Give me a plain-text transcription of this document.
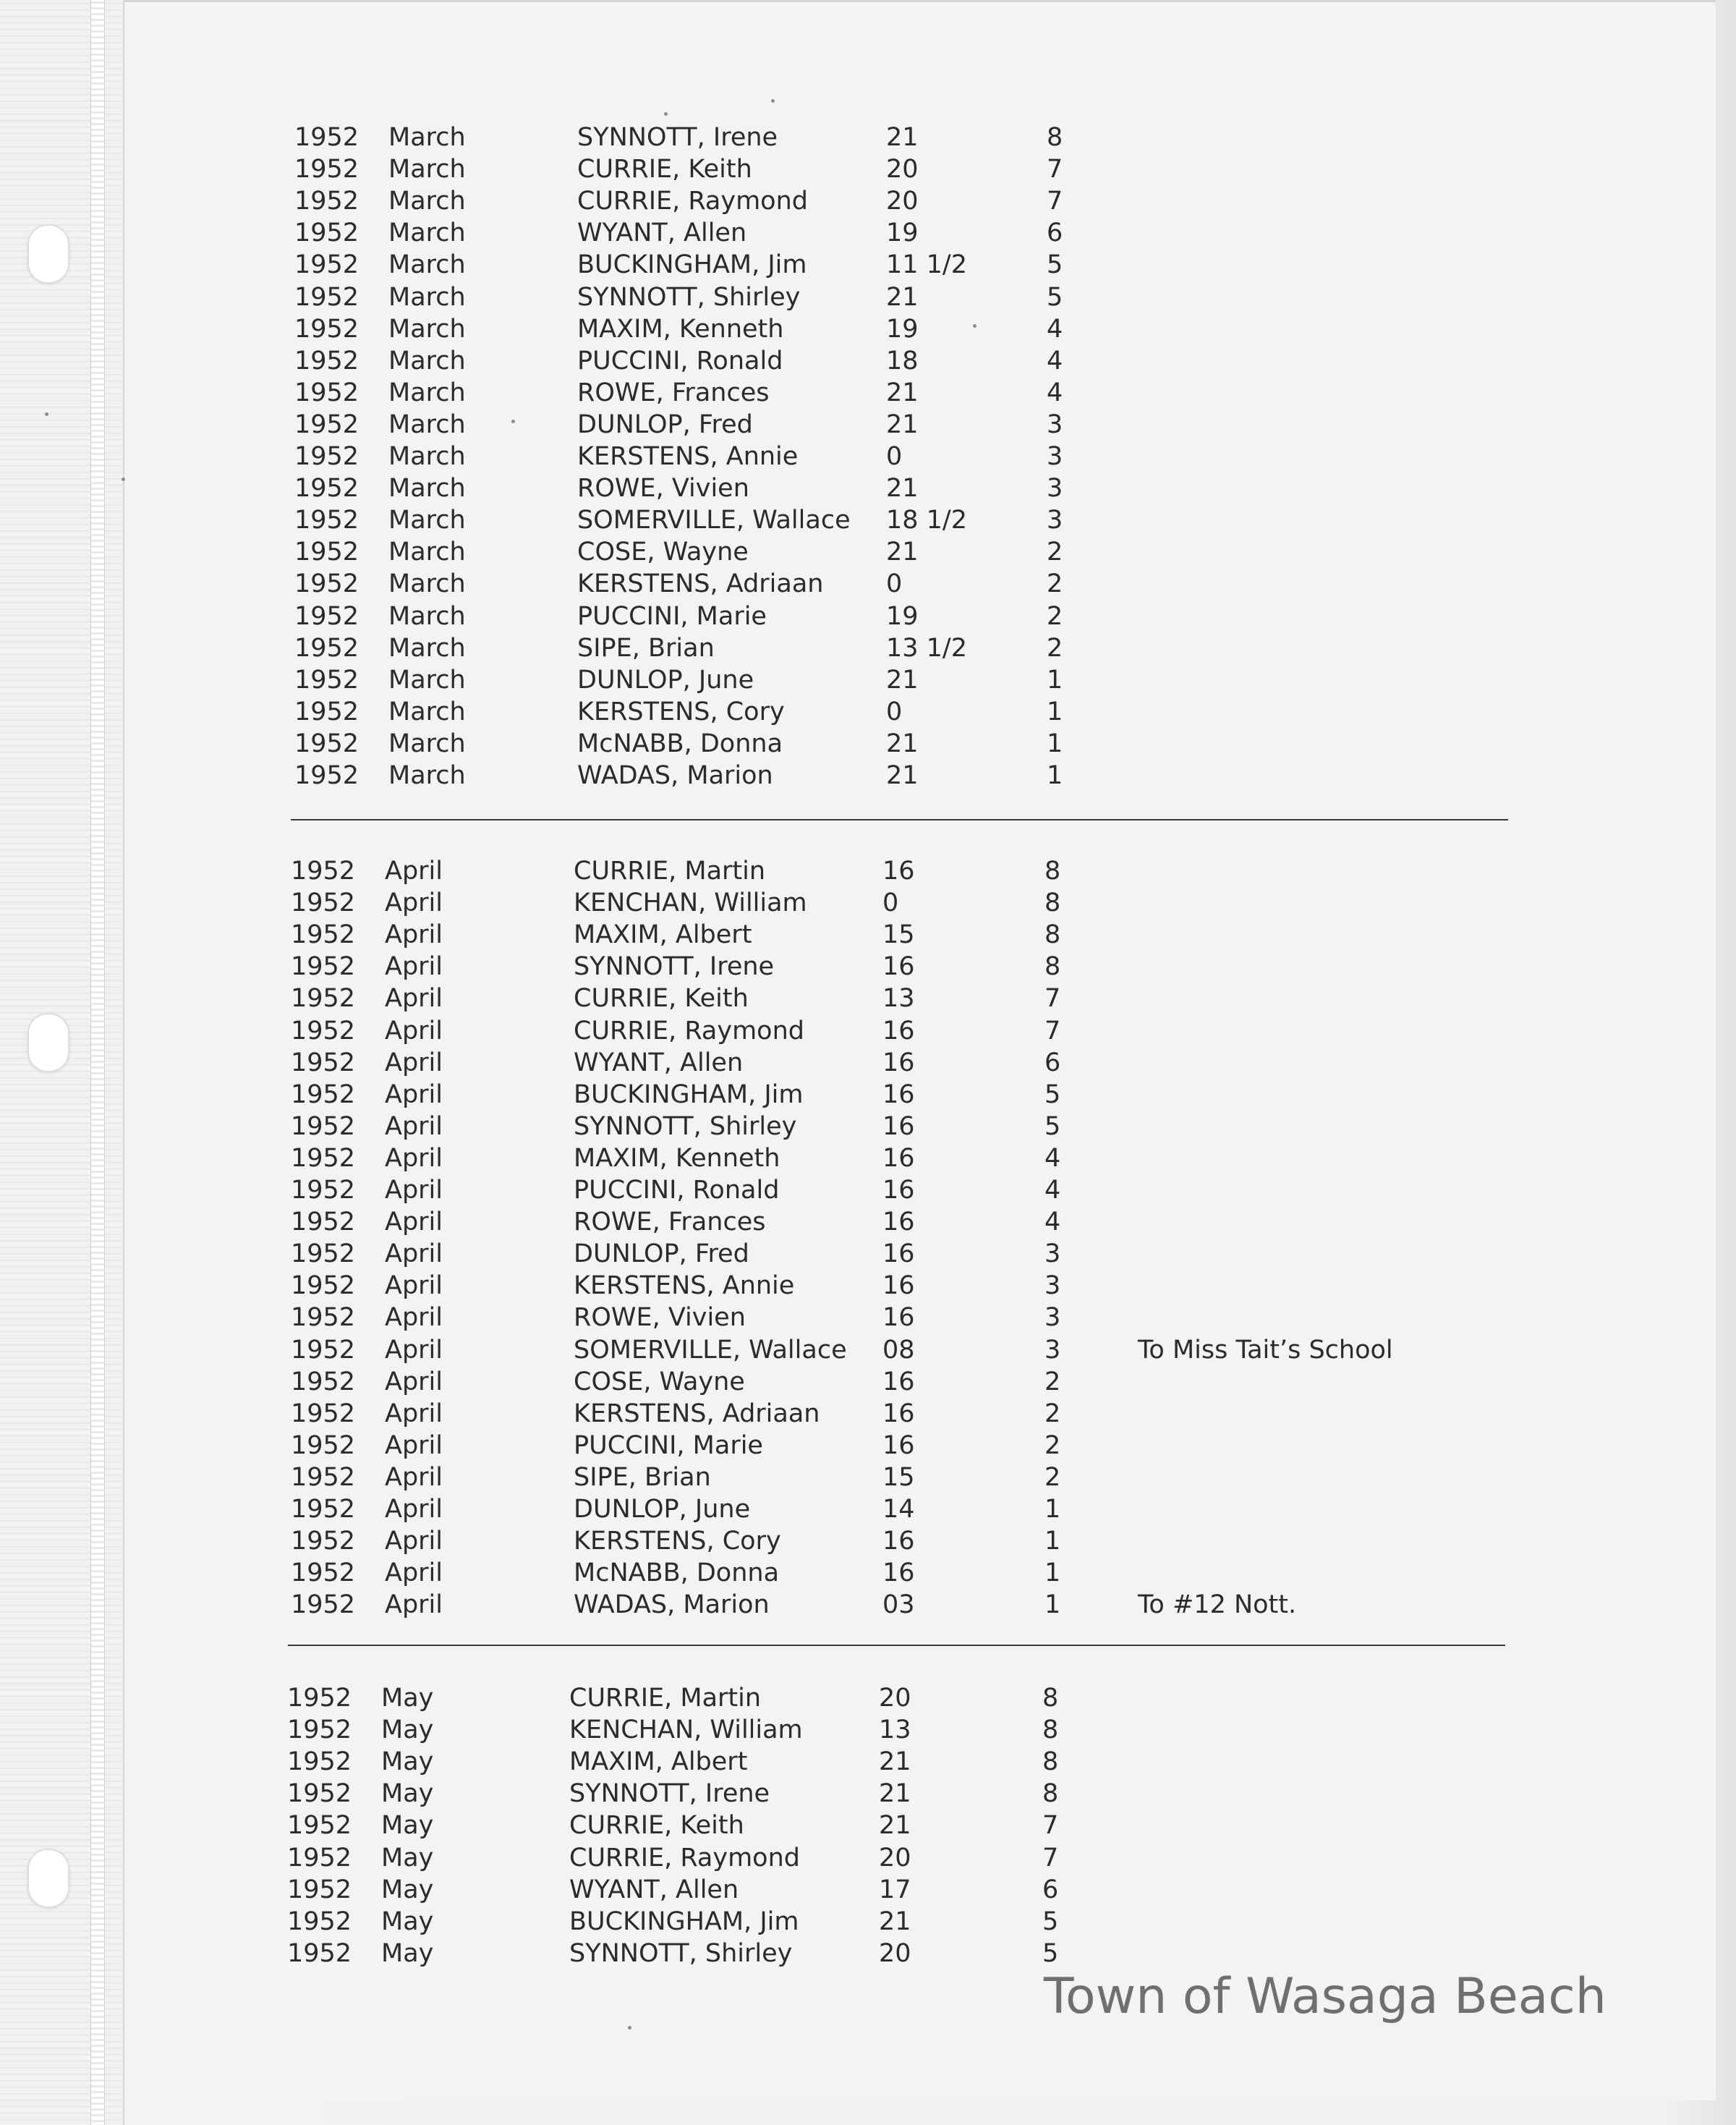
1952 March	SYNNOTT, Irene	21	8
1952 March	CURRIE, Keith	20	7
1952 March	CURRIE, Raymond	20	7
1952 March	WYANT, Allen	19	6
1952 March	BUCKINGHAM, Jim	11 1/2	5
1952 March	SYNNOTT, Shirley	21	5
1952 March	MAXIM, Kenneth	19	4
1952 March	PUCCINI, Ronald	18	4
1952 March	ROWE, Frances	21	4
1952 March	DUNLOP, Fred	21	3
1952 March	KERSTENS, Annie	0	3
1952 March	ROWE, Vivien	21	3
1952 March	SOMERVILLE, Wallace 18 1/2	3
1952 March	COSE, Wayne	21	2
1952 March	KERSTENS, Adriaan 0	2
1952 March	PUCCINI, Marie	19	2
1952 March	SIPE, Brian	13 1/2	2
1952 March	DUNLOP, June	21	1
1952 March	KERSTENS, Cory	0	1
1952 March	McNABB, Donna	21	1
1952 March	WADAS, Marion	21	1
1952 April	CURRIE, Martin	16	8
1952 April	KENCHAN, William	0	8
1952 April	MAXIM, Albert	15	8
1952 April	SYNNOTT, Irene	16	8
1952 April	CURRIE, Keith	13	7
1952 April	CURRIE, Raymond	16	7
1952 April	WYANT, Allen	16	6
1952 April	BUCKINGHAM, Jim	16	5
1952 April	SYNNOTT, Shirley	16	5
1952 April	MAXIM, Kenneth	16	4
1952 April	PUCCINI, Ronald	16	4
1952 April	ROWE, Frances	16	4
1952 April	DUNLOP, Fred	16	3
1952 April	KERSTENS, Annie	16	3
1952 April	ROWE, Vivien	16	3
1952 April	SOMERVILLE, Wallace 08	3	To Miss Tait’s School
1952 April	COSE, Wayne	16	2
1952 April	KERSTENS, Adriaan 16	2
1952 April	PUCCINI, Marie	16	2
1952 April	SIPE, Brian	15	2
1952 April	DUNLOP, June	14	1
1952 April	KERSTENS, Cory	16	1
1952 April	McNABB, Donna	16	1
1952 April	WADAS, Marion	03	1	To #12 Nott.
1952 May	CURRIE, Martin	20	8
1952 May	KENCHAN, William	13	8
1952 May	MAXIM, Albert	21	8
1952 May	SYNNOTT, Irene	21	8
1952 May	CURRIE, Keith	21	7
1952 May	CURRIE, Raymond	20	7
1952 May	WYANT, Allen	17	6
1952 May	BUCKINGHAM, Jim	21	5
1952 May	SYNNOTT, Shirley	20	5
Town of Wasaga Beach
